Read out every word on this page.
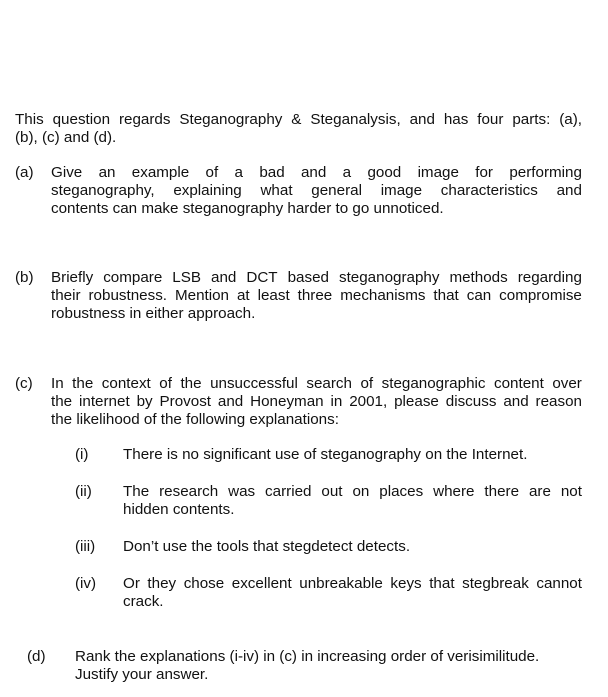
This question regards Steganography & Steganalysis, and has four parts: (a),
(b), (c) and (d).
(a) Give an example of a bad and a good image for performing
steganography, explaining what general image characteristics and
contents can make steganography harder to go unnoticed.
(b) Briefly compare LSB and DCT based steganography methods regarding
their robustness. Mention at least three mechanisms that can compromise
robustness in either approach.
(c) In the context of the unsuccessful search of steganographic content over
the internet by Provost and Honeyman in 2001, please discuss and reason
the likelihood of the following explanations:
(i) There is no significant use of steganography on the Internet.
(ii) The research was carried out on places where there are not
hidden contents.
(iii) Don’t use the tools that stegdetect detects.
(iv) Or they chose excellent unbreakable keys that stegbreak cannot
crack.
(d) Rank the explanations (i-iv) in (c) in increasing order of verisimilitude.
Justify your answer.
